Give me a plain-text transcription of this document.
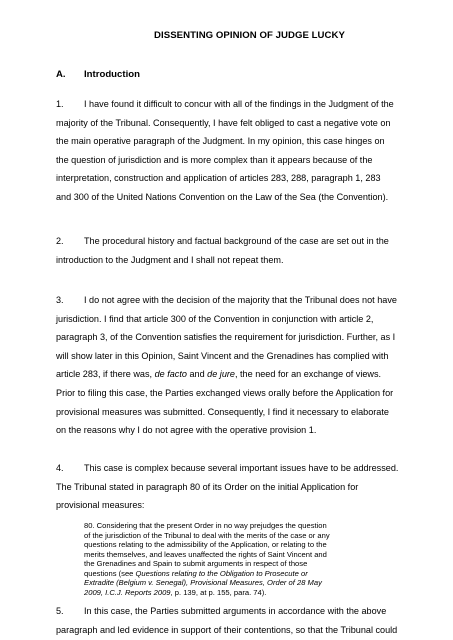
DISSENTING OPINION OF JUDGE LUCKY
A. Introduction
1. I have found it difficult to concur with all of the findings in the Judgment of the
majority of the Tribunal. Consequently, I have felt obliged to cast a negative vote on
the main operative paragraph of the Judgment. In my opinion, this case hinges on
the question of jurisdiction and is more complex than it appears because of the
interpretation, construction and application of articles 283, 288, paragraph 1, 283
and 300 of the United Nations Convention on the Law of the Sea (the Convention).
2. The procedural history and factual background of the case are set out in the
introduction to the Judgment and I shall not repeat them.
3. I do not agree with the decision of the majority that the Tribunal does not have
jurisdiction. I find that article 300 of the Convention in conjunction with article 2,
paragraph 3, of the Convention satisfies the requirement for jurisdiction. Further, as I
will show later in this Opinion, Saint Vincent and the Grenadines has complied with
article 283, if there was, de facto and de jure, the need for an exchange of views.
Prior to filing this case, the Parties exchanged views orally before the Application for
provisional measures was submitted. Consequently, I find it necessary to elaborate
on the reasons why I do not agree with the operative provision 1.
4. This case is complex because several important issues have to be addressed.
The Tribunal stated in paragraph 80 of its Order on the initial Application for
provisional measures:
80. Considering that the present Order in no way prejudges the question
of the jurisdiction of the Tribunal to deal with the merits of the case or any
questions relating to the admissibility of the Application, or relating to the
merits themselves, and leaves unaffected the rights of Saint Vincent and
the Grenadines and Spain to submit arguments in respect of those
questions (see Questions relating to the Obligation to Prosecute or
Extradite (Belgium v. Senegal), Provisional Measures, Order of 28 May
2009, I.C.J. Reports 2009, p. 139, at p. 155, para. 74).
5. In this case, the Parties submitted arguments in accordance with the above
paragraph and led evidence in support of their contentions, so that the Tribunal could
